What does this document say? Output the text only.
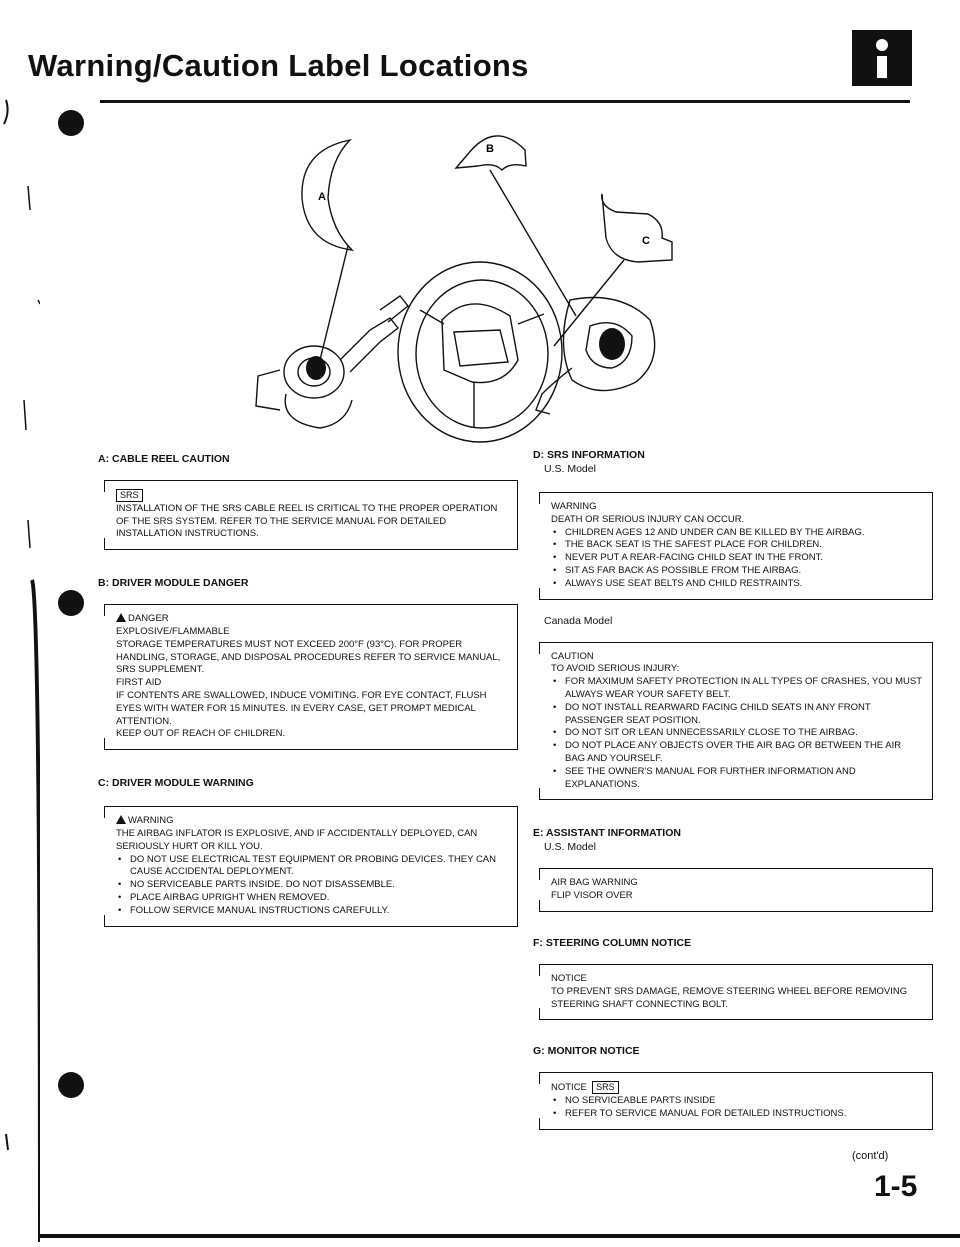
Warning/Caution Label Locations
A
B
C
A: CABLE REEL CAUTION
SRS
INSTALLATION OF THE SRS CABLE REEL IS CRITICAL TO THE PROPER OPERATION OF THE SRS SYSTEM. REFER TO THE SERVICE MANUAL FOR DETAILED INSTALLATION INSTRUCTIONS.
B: DRIVER MODULE DANGER
DANGER
EXPLOSIVE/FLAMMABLE
STORAGE TEMPERATURES MUST NOT EXCEED 200°F (93°C). FOR PROPER HANDLING, STORAGE, AND DISPOSAL PROCEDURES REFER TO SERVICE MANUAL, SRS SUPPLEMENT.
FIRST AID
IF CONTENTS ARE SWALLOWED, INDUCE VOMITING. FOR EYE CONTACT, FLUSH EYES WITH WATER FOR 15 MINUTES. IN EVERY CASE, GET PROMPT MEDICAL ATTENTION.
KEEP OUT OF REACH OF CHILDREN.
C: DRIVER MODULE WARNING
WARNING
THE AIRBAG INFLATOR IS EXPLOSIVE, AND IF ACCIDENTALLY DEPLOYED, CAN SERIOUSLY HURT OR KILL YOU.
• DO NOT USE ELECTRICAL TEST EQUIPMENT OR PROBING DEVICES. THEY CAN CAUSE ACCIDENTAL DEPLOYMENT.
• NO SERVICEABLE PARTS INSIDE. DO NOT DISASSEMBLE.
• PLACE AIRBAG UPRIGHT WHEN REMOVED.
• FOLLOW SERVICE MANUAL INSTRUCTIONS CAREFULLY.
D: SRS INFORMATION
U.S. Model
WARNING
DEATH OR SERIOUS INJURY CAN OCCUR.
• CHILDREN AGES 12 AND UNDER CAN BE KILLED BY THE AIRBAG.
• THE BACK SEAT IS THE SAFEST PLACE FOR CHILDREN.
• NEVER PUT A REAR-FACING CHILD SEAT IN THE FRONT.
• SIT AS FAR BACK AS POSSIBLE FROM THE AIRBAG.
• ALWAYS USE SEAT BELTS AND CHILD RESTRAINTS.
Canada Model
CAUTION
TO AVOID SERIOUS INJURY:
• FOR MAXIMUM SAFETY PROTECTION IN ALL TYPES OF CRASHES, YOU MUST ALWAYS WEAR YOUR SAFETY BELT.
• DO NOT INSTALL REARWARD FACING CHILD SEATS IN ANY FRONT PASSENGER SEAT POSITION.
• DO NOT SIT OR LEAN UNNECESSARILY CLOSE TO THE AIRBAG.
• DO NOT PLACE ANY OBJECTS OVER THE AIR BAG OR BETWEEN THE AIR BAG AND YOURSELF.
• SEE THE OWNER'S MANUAL FOR FURTHER INFORMATION AND EXPLANATIONS.
E: ASSISTANT INFORMATION
U.S. Model
AIR BAG WARNING
FLIP VISOR OVER
F: STEERING COLUMN NOTICE
NOTICE
TO PREVENT SRS DAMAGE, REMOVE STEERING WHEEL BEFORE REMOVING STEERING SHAFT CONNECTING BOLT.
G: MONITOR NOTICE
NOTICE SRS
• NO SERVICEABLE PARTS INSIDE
• REFER TO SERVICE MANUAL FOR DETAILED INSTRUCTIONS.
(cont'd)
1-5
